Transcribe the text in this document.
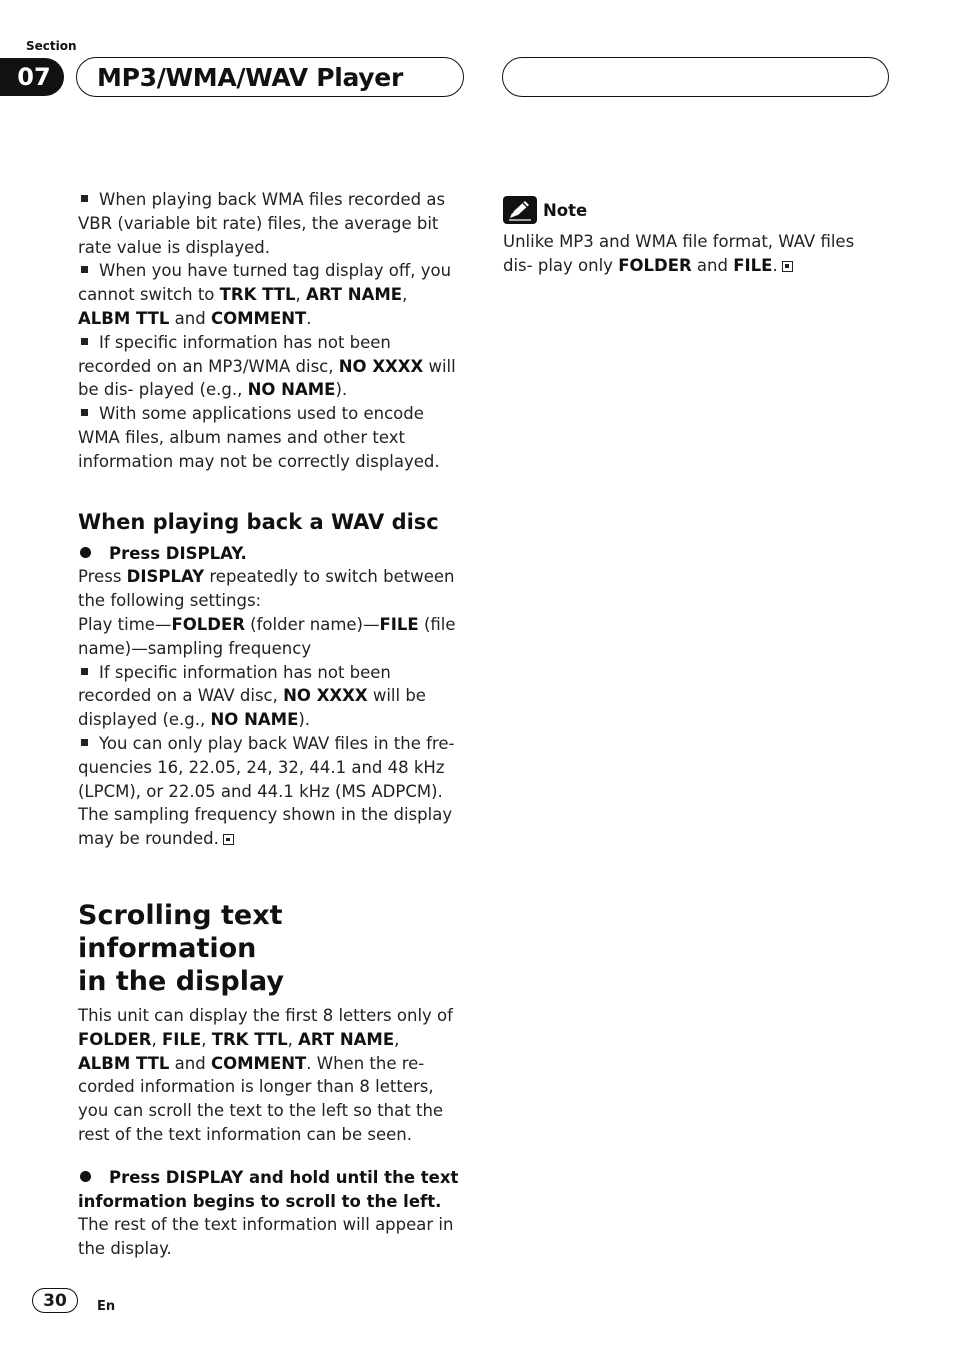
Section
07	MP3/WMA/WAV Player

When playing back WMA files recorded as VBR (variable bit rate) files, the average bit rate value is displayed.

When you have turned tag display off, you cannot switch to TRK TTL, ART NAME,
ALBM TTL and COMMENT.

If specific information has not been recorded on an MP3/WMA disc, NO XXXX will be dis- played (e.g., NO NAME).

With some applications used to encode WMA files, album names and other text information may not be correctly displayed.

When playing back a WAV disc
Press DISPLAY.

Press DISPLAY repeatedly to switch between the following settings:

Play time—FOLDER (folder name)—FILE (file name)—sampling frequency

If specific information has not been recorded on a WAV disc, NO XXXX will be displayed (e.g., NO NAME).

You can only play back WAV files in the fre- quencies 16, 22.05, 24, 32, 44.1 and 48 kHz (LPCM), or 22.05 and 44.1 kHz (MS ADPCM). The sampling frequency shown in the display may be rounded.

Scrolling text information
in the display

This unit can display the first 8 letters only of FOLDER, FILE, TRK TTL, ART NAME,
ALBM TTL and COMMENT. When the re- corded information is longer than 8 letters, you can scroll the text to the left so that the rest of the text information can be seen.

Press DISPLAY and hold until the text information begins to scroll to the left.

The rest of the text information will appear in the display.

Note

Unlike MP3 and WMA file format, WAV files dis- play only FOLDER and FILE.

30	En
